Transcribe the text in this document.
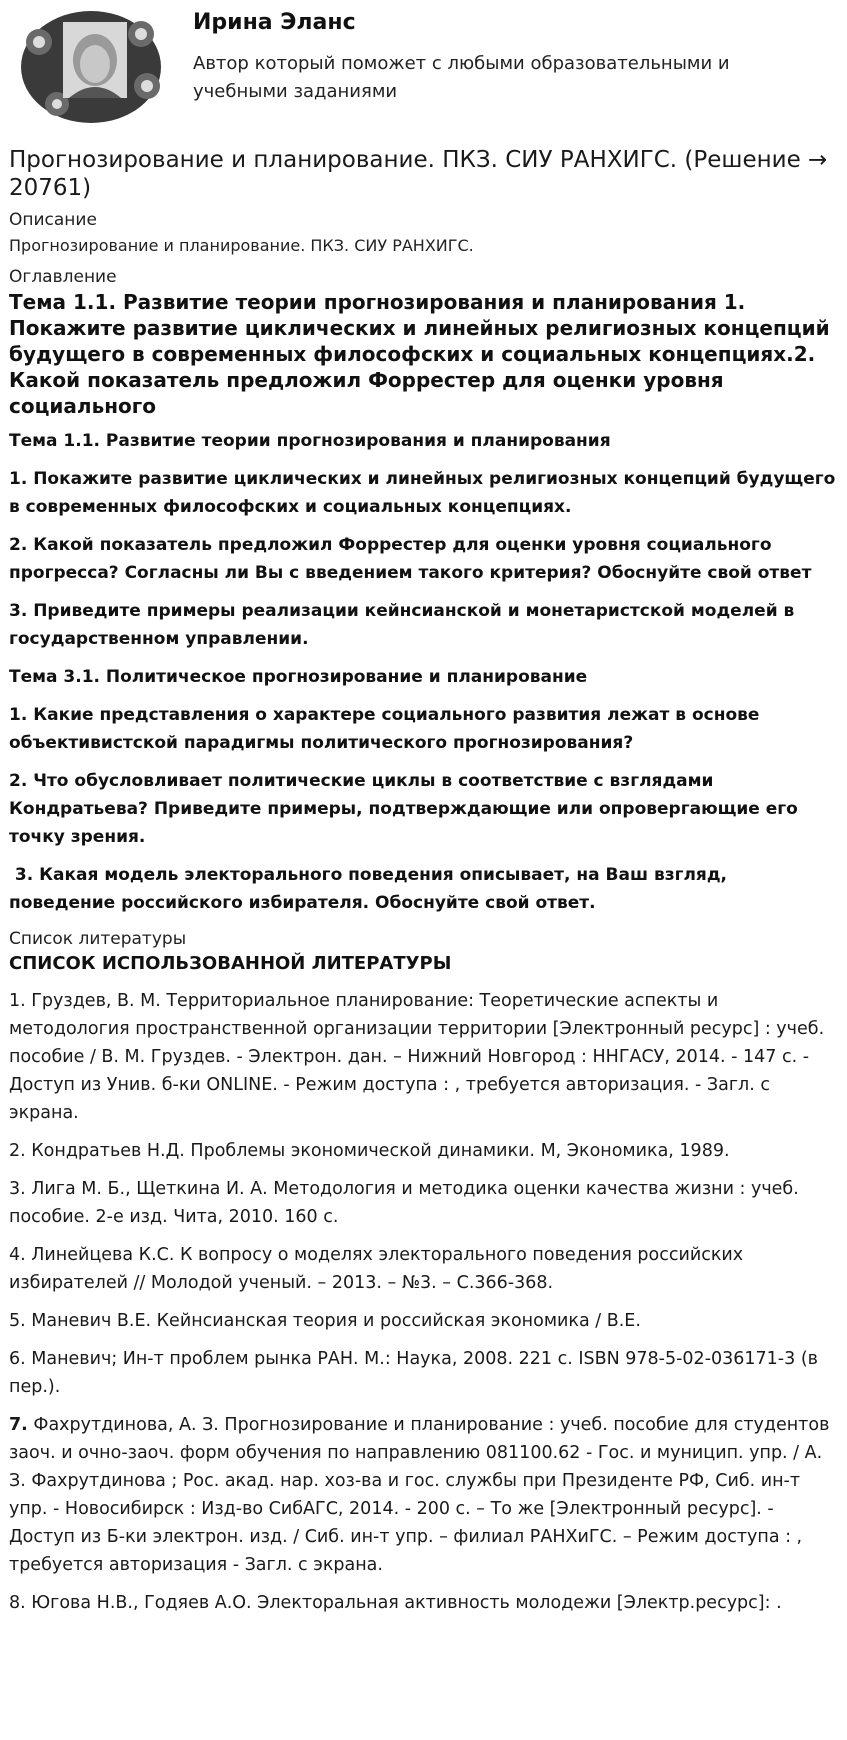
Ирина Эланс
Автор который поможет с любыми образовательными и учебными заданиями
Прогнозирование и планирование. ПКЗ. СИУ РАНХИГС. (Решение → 20761)
Описание
Прогнозирование и планирование. ПКЗ. СИУ РАНХИГС.
Оглавление
Тема 1.1. Развитие теории прогнозирования и планирования 1. Покажите развитие циклических и линейных религиозных концепций будущего в современных философских и социальных концепциях.2. Какой показатель предложил Форрестер для оценки уровня социального

Тема 1.1. Развитие теории прогнозирования и планирования

1. Покажите развитие циклических и линейных религиозных концепций будущего в современных философских и социальных концепциях.

2. Какой показатель предложил Форрестер для оценки уровня социального прогресса? Согласны ли Вы с введением такого критерия? Обоснуйте свой ответ

3. Приведите примеры реализации кейнсианской и монетаристской моделей в государственном управлении.

Тема 3.1. Политическое прогнозирование и планирование

1. Какие представления о характере социального развития лежат в основе объективистской парадигмы политического прогнозирования?

2. Что обусловливает политические циклы в соответствие с взглядами Кондратьева? Приведите примеры, подтверждающие или опровергающие его точку зрения.

3. Какая модель электорального поведения описывает, на Ваш взгляд, поведение российского избирателя. Обоснуйте свой ответ.

Список литературы
СПИСОК ИСПОЛЬЗОВАННОЙ ЛИТЕРАТУРЫ

1. Груздев, В. М. Территориальное планирование: Теоретические аспекты и методология пространственной организации территории [Электронный ресурс] : учеб. пособие / В. М. Груздев. - Электрон. дан. – Нижний Новгород : ННГАСУ, 2014. - 147 с. - Доступ из Унив. б-ки ONLINE. - Режим доступа : , требуется авторизация. - Загл. с экрана.

2. Кондратьев Н.Д. Проблемы экономической динамики. М, Экономика, 1989.

3. Лига М. Б., Щеткина И. А. Методология и методика оценки качества жизни : учеб. пособие. 2-е изд. Чита, 2010. 160 с.

4. Линейцева К.С. К вопросу о моделях электорального поведения российских избирателей // Молодой ученый. – 2013. – №3. – С.366-368.

5. Маневич В.Е. Кейнсианская теория и российская экономика / В.Е.

6. Маневич; Ин-т проблем рынка РАН. М.: Наука, 2008. 221 с. ISBN 978-5-02-036171-3 (в пер.).

7. Фахрутдинова, А. З. Прогнозирование и планирование : учеб. пособие для студентов заоч. и очно-заоч. форм обучения по направлению 081100.62 - Гос. и муницип. упр. / А. З. Фахрутдинова ; Рос. акад. нар. хоз-ва и гос. службы при Президенте РФ, Сиб. ин-т упр. - Новосибирск : Изд-во СибАГС, 2014. - 200 с. – То же [Электронный ресурс]. - Доступ из Б-ки электрон. изд. / Сиб. ин-т упр. – филиал РАНХиГС. – Режим доступа : , требуется авторизация - Загл. с экрана.

8. Югова Н.В., Годяев А.О. Электоральная активность молодежи [Электр.ресурс]: .
